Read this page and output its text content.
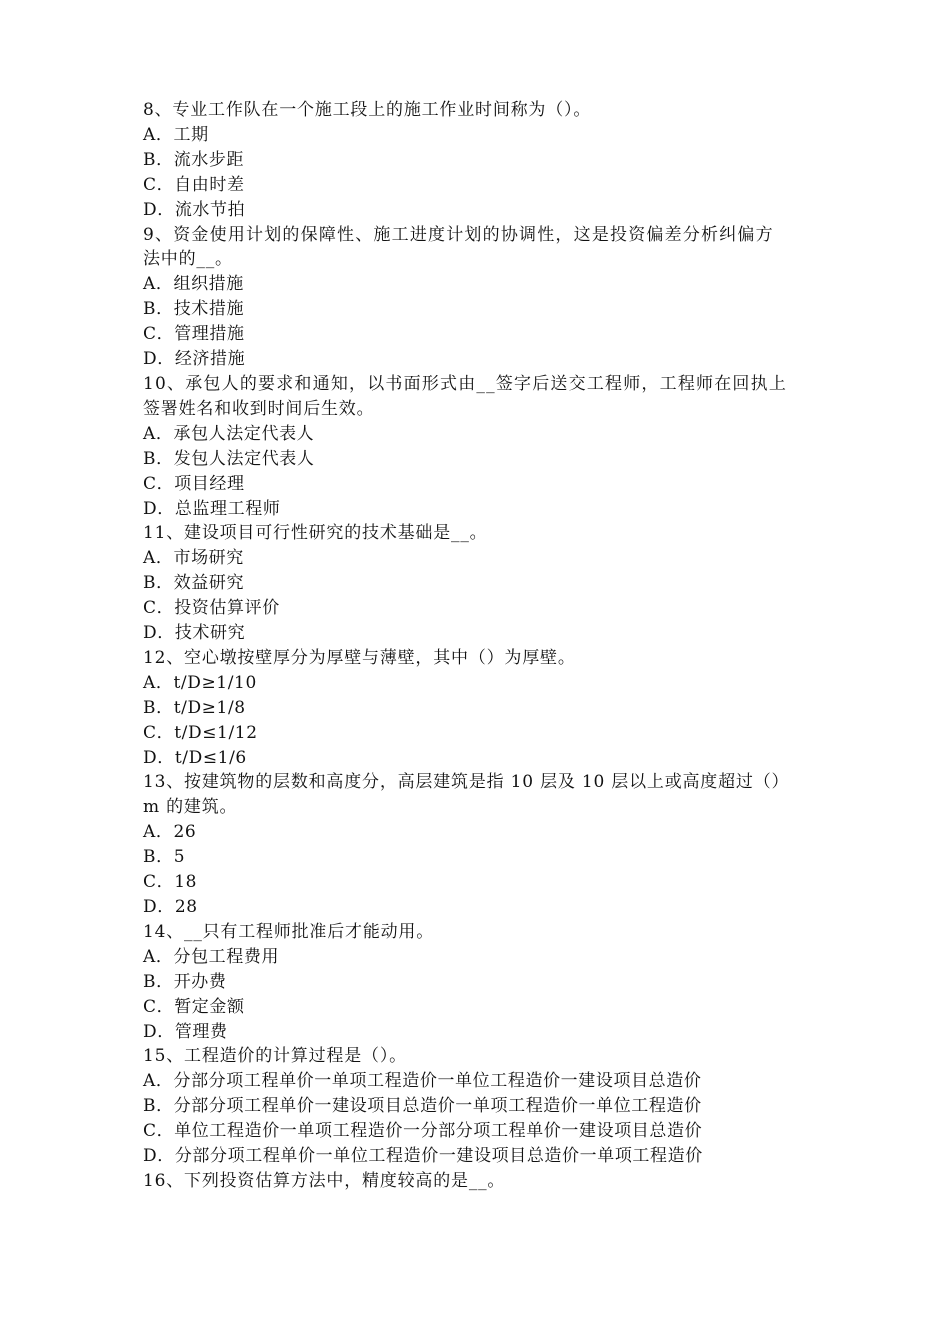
8、专业工作队在一个施工段上的施工作业时间称为（）。
A．工期
B．流水步距
C．自由时差
D．流水节拍
9、资金使用计划的保障性、施工进度计划的协调性，这是投资偏差分析纠偏方
法中的__。
A．组织措施
B．技术措施
C．管理措施
D．经济措施
10、承包人的要求和通知，以书面形式由__签字后送交工程师，工程师在回执上
签署姓名和收到时间后生效。
A．承包人法定代表人
B．发包人法定代表人
C．项目经理
D．总监理工程师
11、建设项目可行性研究的技术基础是__。
A．市场研究
B．效益研究
C．投资估算评价
D．技术研究
12、空心墩按壁厚分为厚壁与薄壁，其中（）为厚壁。
A．t/D≥1/10
B．t/D≥1/8
C．t/D≤1/12
D．t/D≤1/6
13、按建筑物的层数和高度分，高层建筑是指 10 层及 10 层以上或高度超过（）
m 的建筑。
A．26
B．5
C．18
D．28
14、__只有工程师批准后才能动用。
A．分包工程费用
B．开办费
C．暂定金额
D．管理费
15、工程造价的计算过程是（）。
A．分部分项工程单价一单项工程造价一单位工程造价一建设项目总造价
B．分部分项工程单价一建设项目总造价一单项工程造价一单位工程造价
C．单位工程造价一单项工程造价一分部分项工程单价一建设项目总造价
D．分部分项工程单价一单位工程造价一建设项目总造价一单项工程造价
16、下列投资估算方法中，精度较高的是__。
